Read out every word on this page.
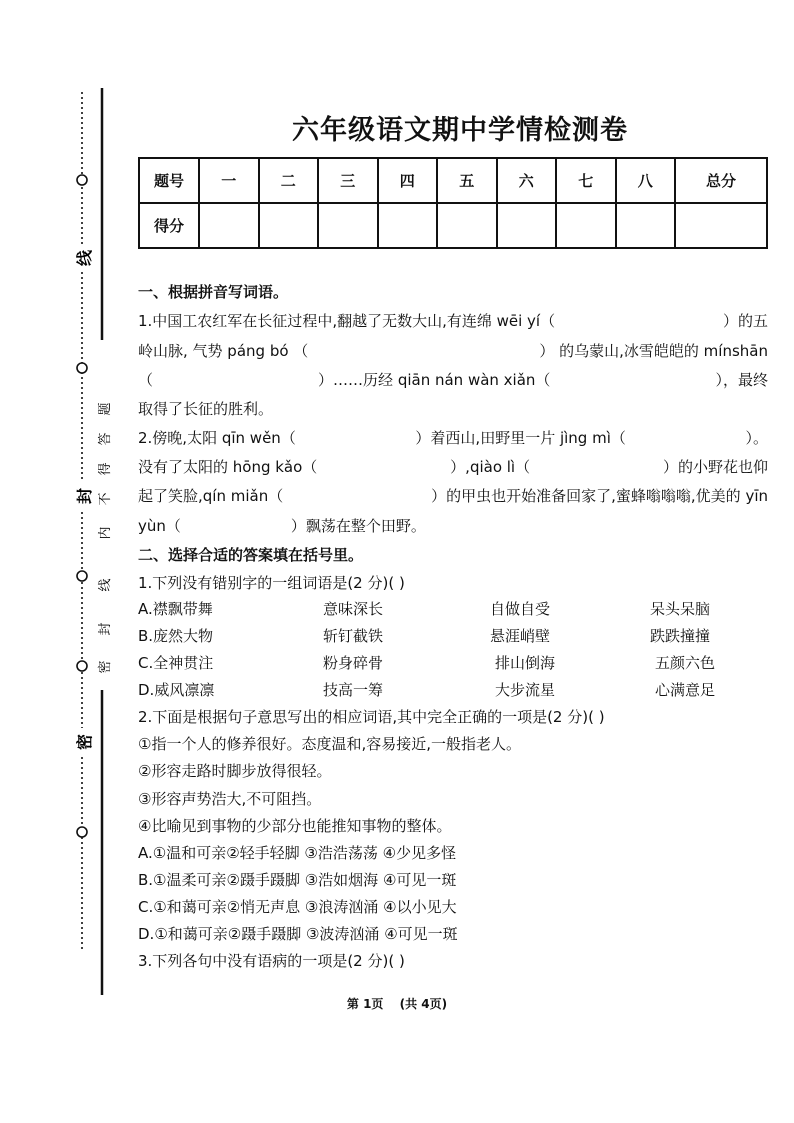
线
封
密
题
答
得
不
内
线
封
密
六年级语文期中学情检测卷
题号	一	二	三	四	五	六	七	八	总分
得分									
一、根据拼音写词语。
1.中国工农红军在长征过程中,翻越了无数大山,有连绵 wēi yí（	）的五
岭山脉, 气势 páng bó （	） 的乌蒙山,冰雪皑皑的 mínshān
（	）……历经 qiān nán wàn xiǎn（	），最终
取得了长征的胜利。
2.傍晚,太阳 qīn wěn（	）着西山,田野里一片 jìng mì（	）。
没有了太阳的 hōng kǎo（	）,qiào lì（	）的小野花也仰
起了笑脸,qín miǎn（	）的甲虫也开始准备回家了,蜜蜂嗡嗡嗡,优美的 yīn
yùn（	）飘荡在整个田野。
二、选择合适的答案填在括号里。
1.下列没有错别字的一组词语是(2 分)( )
A.襟飘带舞	意味深长	自做自受	呆头呆脑
B.庞然大物	斩钉截铁	悬涯峭壁	跌跌撞撞
C.全神贯注	粉身碎骨	排山倒海	五颜六色
D.威风凛凛	技高一筹	大步流星	心满意足
2.下面是根据句子意思写出的相应词语,其中完全正确的一项是(2 分)( )
①指一个人的修养很好。态度温和,容易接近,一般指老人。
②形容走路时脚步放得很轻。
③形容声势浩大,不可阻挡。
④比喻见到事物的少部分也能推知事物的整体。
A.①温和可亲②轻手轻脚 ③浩浩荡荡 ④少见多怪
B.①温柔可亲②蹑手蹑脚 ③浩如烟海 ④可见一斑
C.①和蔼可亲②悄无声息 ③浪涛汹涌 ④以小见大
D.①和蔼可亲②蹑手蹑脚 ③波涛汹涌 ④可见一斑
3.下列各句中没有语病的一项是(2 分)( )
第 1页 (共 4页)
